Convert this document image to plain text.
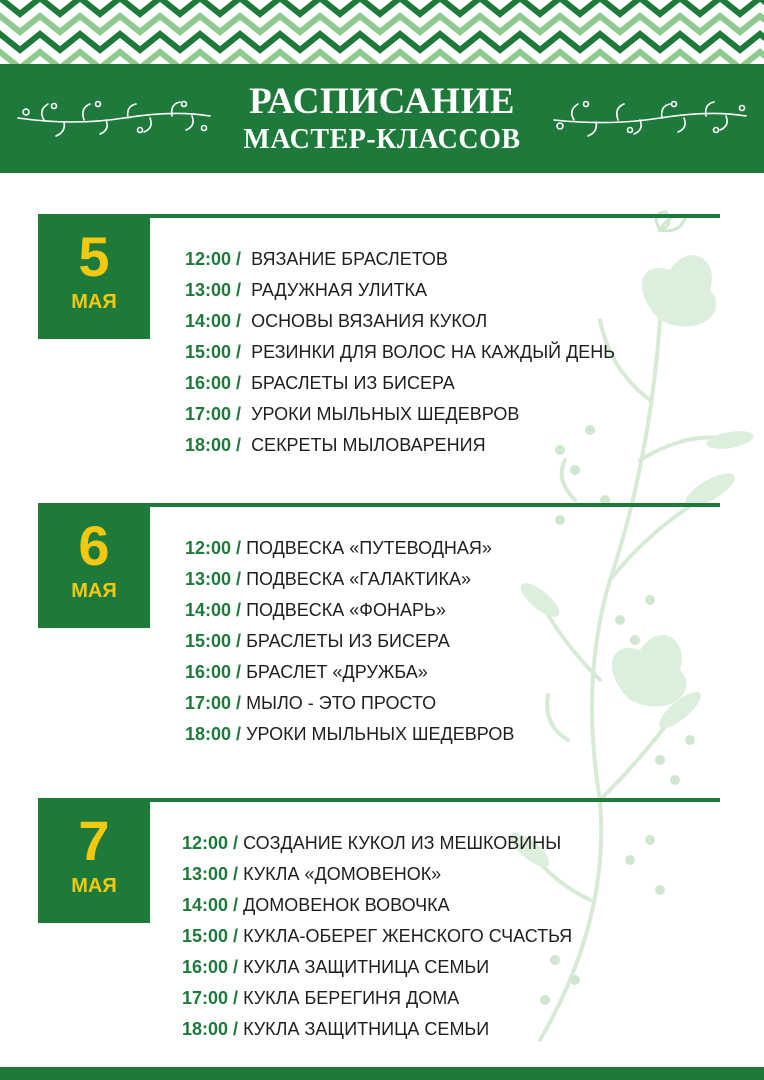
РАСПИСАНИЕ
МАСТЕР-КЛАССОВ
5
МАЯ
12:00 / ВЯЗАНИЕ БРАСЛЕТОВ
13:00 / РАДУЖНАЯ УЛИТКА
14:00 / ОСНОВЫ ВЯЗАНИЯ КУКОЛ
15:00 / РЕЗИНКИ ДЛЯ ВОЛОС НА КАЖДЫЙ ДЕНЬ
16:00 /  БРАСЛЕТЫ ИЗ БИСЕРА
17:00 / УРОКИ МЫЛЬНЫХ ШЕДЕВРОВ
18:00 / СЕКРЕТЫ МЫЛОВАРЕНИЯ
6
МАЯ
12:00 / ПОДВЕСКА «ПУТЕВОДНАЯ»
13:00 / ПОДВЕСКА «ГАЛАКТИКА»
14:00 / ПОДВЕСКА «ФОНАРЬ»
15:00 / БРАСЛЕТЫ ИЗ БИСЕРА
16:00 / БРАСЛЕТ «ДРУЖБА»
17:00 / МЫЛО - ЭТО ПРОСТО
18:00 / УРОКИ МЫЛЬНЫХ ШЕДЕВРОВ
7
МАЯ
12:00 / СОЗДАНИЕ КУКОЛ ИЗ МЕШКОВИНЫ
13:00 / КУКЛА «ДОМОВЕНОК»
14:00 / ДОМОВЕНОК ВОВОЧКА
15:00 / КУКЛА-ОБЕРЕГ ЖЕНСКОГО СЧАСТЬЯ
16:00 / КУКЛА ЗАЩИТНИЦА СЕМЬИ
17:00 / КУКЛА БЕРЕГИНЯ ДОМА
18:00 / КУКЛА ЗАЩИТНИЦА СЕМЬИ
